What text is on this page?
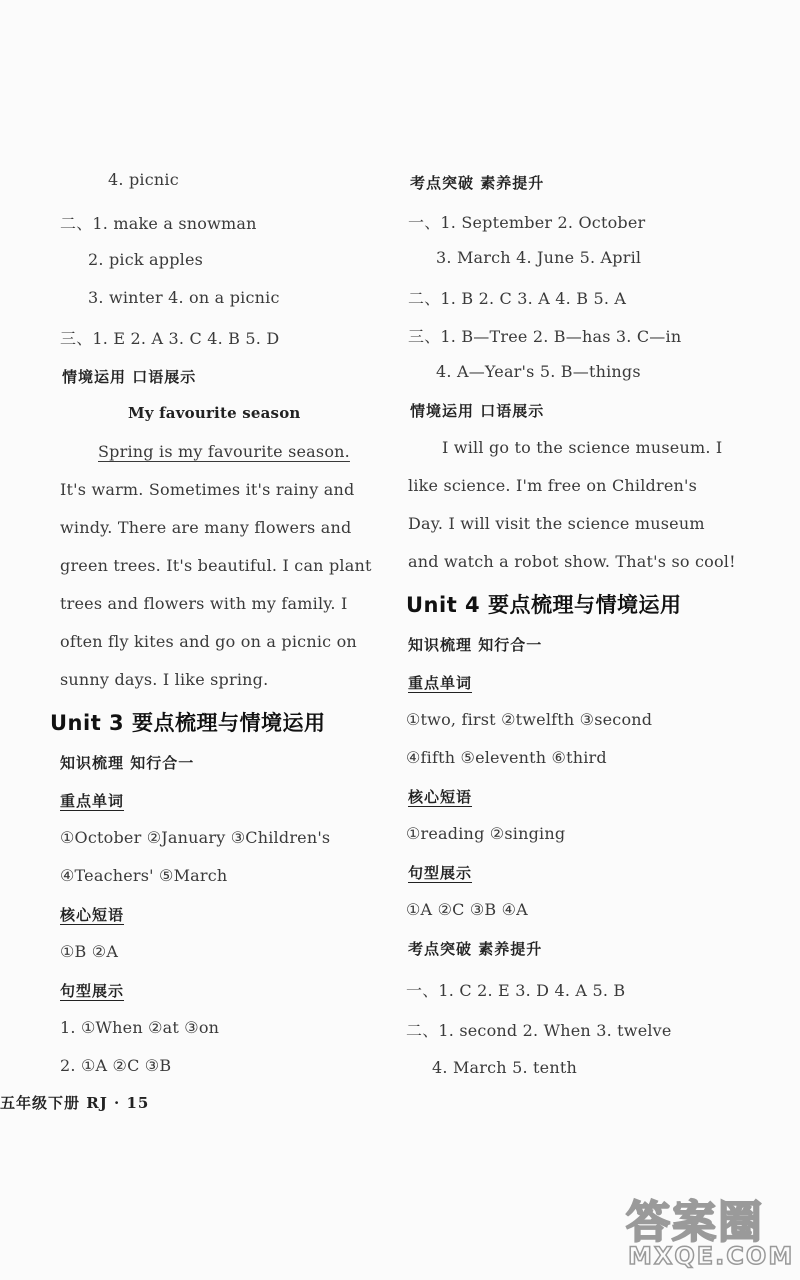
4. picnic
二、1. make a snowman
2. pick apples
3. winter 4. on a picnic
三、1. E 2. A 3. C 4. B 5. D
情境运用 口语展示
My favourite season
Spring is my favourite season.
It's warm. Sometimes it's rainy and
windy. There are many flowers and
green trees. It's beautiful. I can plant
trees and flowers with my family. I
often fly kites and go on a picnic on
sunny days. I like spring.
Unit 3 要点梳理与情境运用
知识梳理 知行合一
重点单词
①October ②January ③Children's
④Teachers' ⑤March
核心短语
①B ②A
句型展示
1. ①When ②at ③on
2. ①A ②C ③B
五年级下册 RJ · 15
考点突破 素养提升
一、1. September 2. October
3. March 4. June 5. April
二、1. B 2. C 3. A 4. B 5. A
三、1. B—Tree 2. B—has 3. C—in
4. A—Year's 5. B—things
情境运用 口语展示
I will go to the science museum. I
like science. I'm free on Children's
Day. I will visit the science museum
and watch a robot show. That's so cool!
Unit 4 要点梳理与情境运用
知识梳理 知行合一
重点单词
①two, first ②twelfth ③second
④fifth ⑤eleventh ⑥third
核心短语
①reading ②singing
句型展示
①A ②C ③B ④A
考点突破 素养提升
一、1. C 2. E 3. D 4. A 5. B
二、1. second 2. When 3. twelve
4. March 5. tenth
答案圈
MXQE.COM
